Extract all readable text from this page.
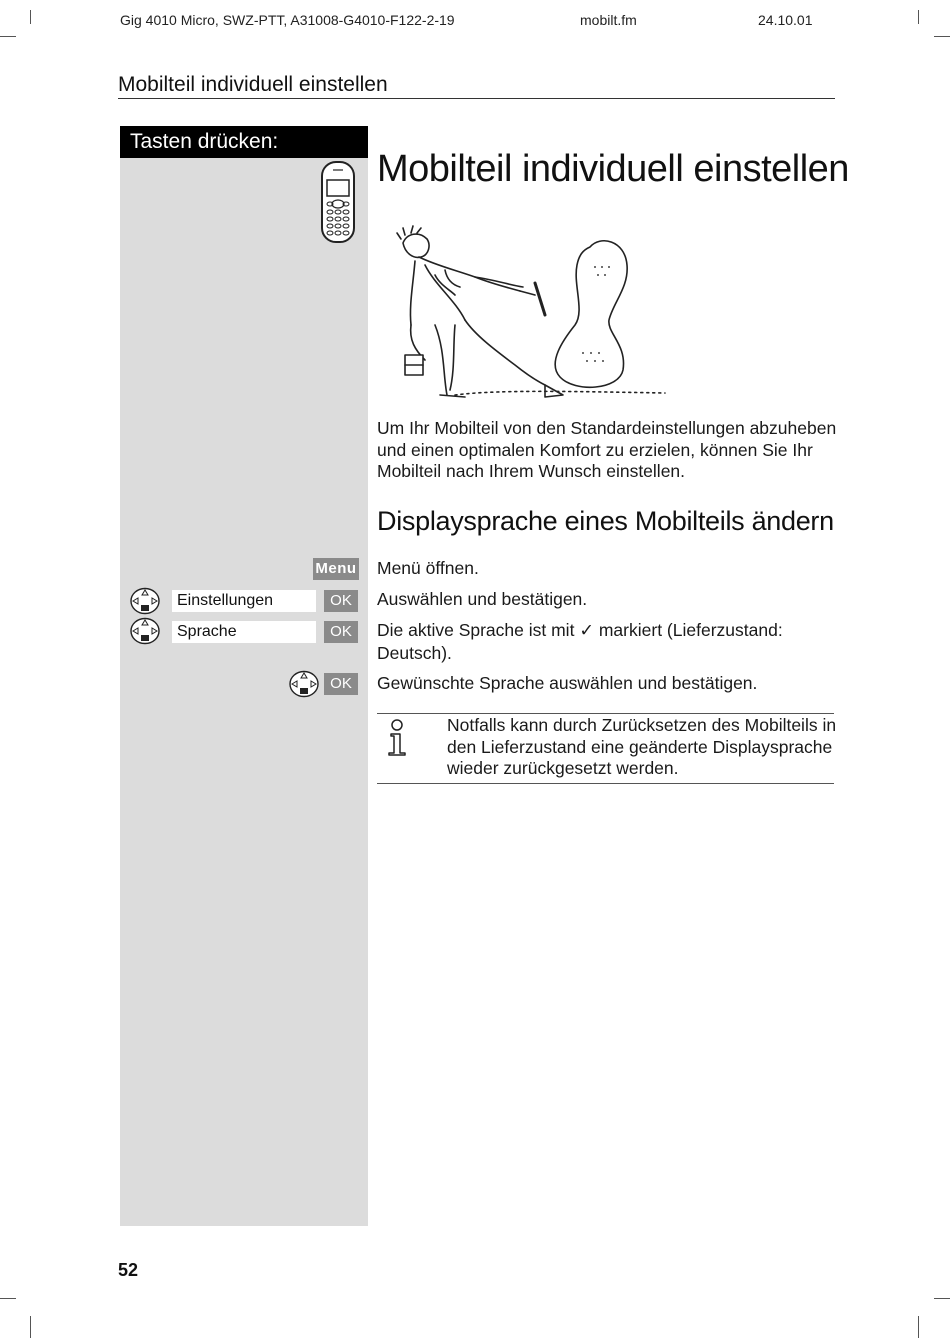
Gig 4010 Micro, SWZ-PTT, A31008-G4010-F122-2-19	mobilt.fm	24.10.01
Mobilteil individuell einstellen
Tasten drücken:
Mobilteil individuell einstellen
Um Ihr Mobilteil von den Standardeinstellungen abzuheben und einen optimalen Komfort zu erzielen, können Sie Ihr Mobilteil nach Ihrem Wunsch einstellen.
Displaysprache eines Mobilteils ändern
Menu Menü öffnen.
Einstellungen	OK	Auswählen und bestätigen.
Sprache	OK	Die aktive Sprache ist mit ✓ markiert (Lieferzustand: Deutsch).
OK	Gewünschte Sprache auswählen und bestätigen.
Notfalls kann durch Zurücksetzen des Mobilteils in den Lieferzustand eine geänderte Displaysprache wieder zurückgesetzt werden.
52
